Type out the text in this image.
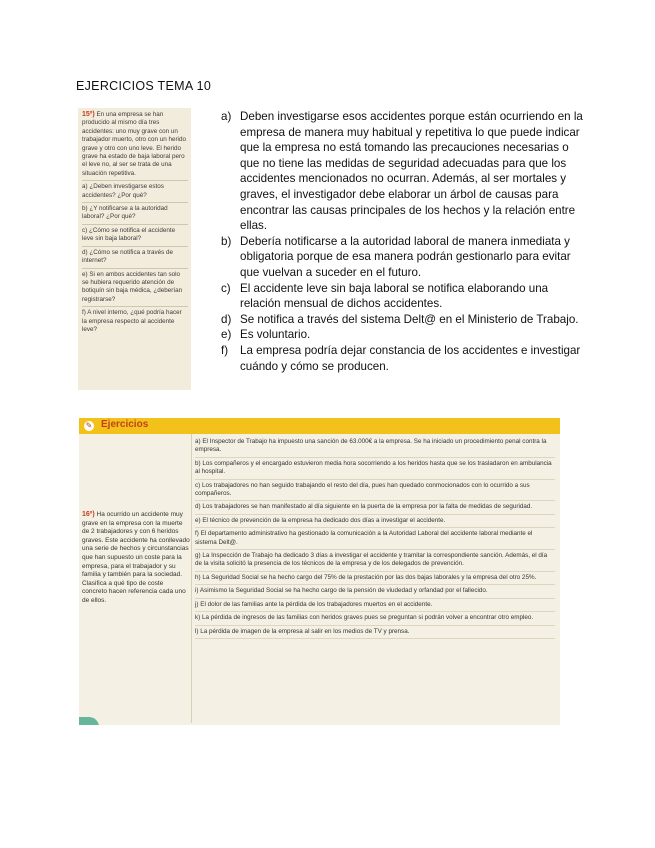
EJERCICIOS TEMA 10

15º) En una empresa se han producido al mismo día tres accidentes: uno muy grave con un trabajador muerto, otro con un herido grave y otro con uno leve. El herido grave ha estado de baja laboral pero el leve no, al ser se trata de una situación repetitiva.

a) ¿Deben investigarse estos accidentes? ¿Por qué?

b) ¿Y notificarse a la autoridad laboral? ¿Por qué?

c) ¿Cómo se notifica el accidente leve sin baja laboral?

d) ¿Cómo se notifica a través de internet?

e) Si en ambos accidentes tan solo se hubiera requerido atención de botiquín sin baja médica, ¿deberían registrarse?

f) A nivel interno, ¿qué podría hacer la empresa respecto al accidente leve?

a) Deben investigarse esos accidentes porque están ocurriendo en la empresa de manera muy habitual y repetitiva lo que puede indicar que la empresa no está tomando las precauciones necesarias o que no tiene las medidas de seguridad adecuadas para que los accidentes mencionados no ocurran. Además, al ser mortales y graves, el investigador debe elaborar un árbol de causas para encontrar las causas principales de los hechos y la relación entre ellas.
b) Debería notificarse a la autoridad laboral de manera inmediata y obligatoria porque de esa manera podrán gestionarlo para evitar que vuelvan a suceder en el futuro.
c) El accidente leve sin baja laboral se notifica elaborando una relación mensual de dichos accidentes.
d) Se notifica a través del sistema Delt@ en el Ministerio de Trabajo.
e) Es voluntario.
f) La empresa podría dejar constancia de los accidentes e investigar cuándo y cómo se producen.
✎ Ejercicios
16º) Ha ocurrido un accidente muy grave en la empresa con la muerte de 2 trabajadores y con 6 heridos graves. Este accidente ha conllevado una serie de hechos y circunstancias que han supuesto un coste para la empresa, para el trabajador y su familia y también para la sociedad. Clasifica a qué tipo de coste concreto hacen referencia cada uno de ellos.
a) El Inspector de Trabajo ha impuesto una sanción de 63.000€ a la empresa. Se ha iniciado un procedimiento penal contra la empresa.
b) Los compañeros y el encargado estuvieron media hora socorriendo a los heridos hasta que se los trasladaron en ambulancia al hospital.
c) Los trabajadores no han seguido trabajando el resto del día, pues han quedado conmocionados con lo ocurrido a sus compañeros.
d) Los trabajadores se han manifestado al día siguiente en la puerta de la empresa por la falta de medidas de seguridad.
e) El técnico de prevención de la empresa ha dedicado dos días a investigar el accidente.
f) El departamento administrativo ha gestionado la comunicación a la Autoridad Laboral del accidente laboral mediante el sistema Delt@.
g) La Inspección de Trabajo ha dedicado 3 días a investigar el accidente y tramitar la correspondiente sanción. Además, el día de la visita solicitó la presencia de los técnicos de la empresa y de los delegados de prevención.
h) La Seguridad Social se ha hecho cargo del 75% de la prestación por las dos bajas laborales y la empresa del otro 25%.
i) Asimismo la Seguridad Social se ha hecho cargo de la pensión de viudedad y orfandad por el fallecido.
j) El dolor de las familias ante la pérdida de los trabajadores muertos en el accidente.
k) La pérdida de ingresos de las familias con heridos graves pues se preguntan si podrán volver a encontrar otro empleo.
l) La pérdida de imagen de la empresa al salir en los medios de TV y prensa.
